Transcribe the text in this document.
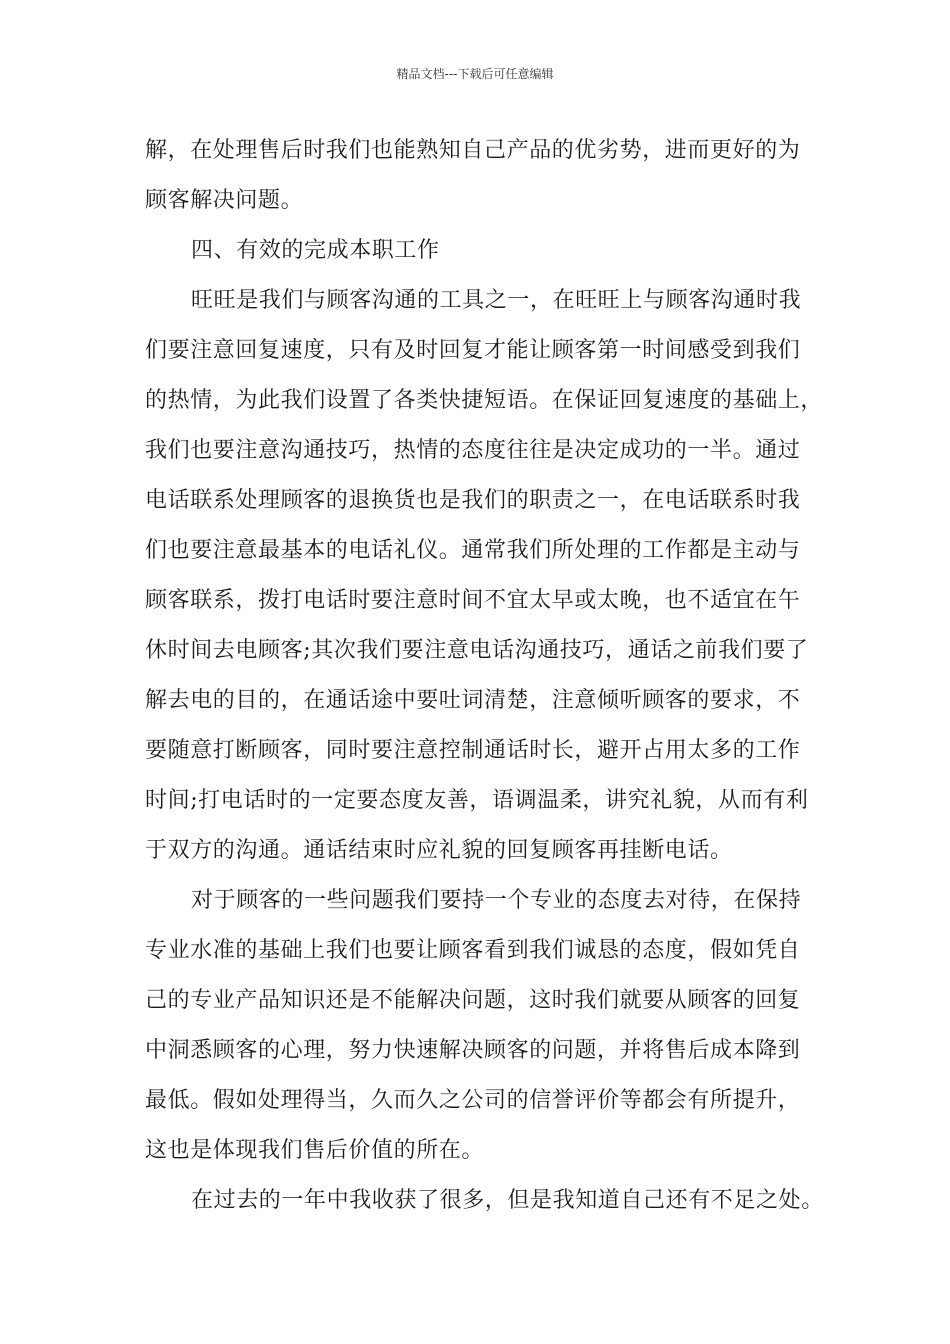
精品文档---下载后可任意编辑
解，在处理售后时我们也能熟知自己产品的优劣势，进而更好的为
顾客解决问题。
四、有效的完成本职工作
旺旺是我们与顾客沟通的工具之一，在旺旺上与顾客沟通时我
们要注意回复速度，只有及时回复才能让顾客第一时间感受到我们
的热情，为此我们设置了各类快捷短语。在保证回复速度的基础上，
我们也要注意沟通技巧，热情的态度往往是决定成功的一半。通过
电话联系处理顾客的退换货也是我们的职责之一，在电话联系时我
们也要注意最基本的电话礼仪。通常我们所处理的工作都是主动与
顾客联系，拨打电话时要注意时间不宜太早或太晚，也不适宜在午
休时间去电顾客;其次我们要注意电话沟通技巧，通话之前我们要了
解去电的目的，在通话途中要吐词清楚，注意倾听顾客的要求，不
要随意打断顾客，同时要注意控制通话时长，避开占用太多的工作
时间;打电话时的一定要态度友善，语调温柔，讲究礼貌，从而有利
于双方的沟通。通话结束时应礼貌的回复顾客再挂断电话。
对于顾客的一些问题我们要持一个专业的态度去对待，在保持
专业水准的基础上我们也要让顾客看到我们诚恳的态度，假如凭自
己的专业产品知识还是不能解决问题，这时我们就要从顾客的回复
中洞悉顾客的心理，努力快速解决顾客的问题，并将售后成本降到
最低。假如处理得当，久而久之公司的信誉评价等都会有所提升，
这也是体现我们售后价值的所在。
在过去的一年中我收获了很多，但是我知道自己还有不足之处。
